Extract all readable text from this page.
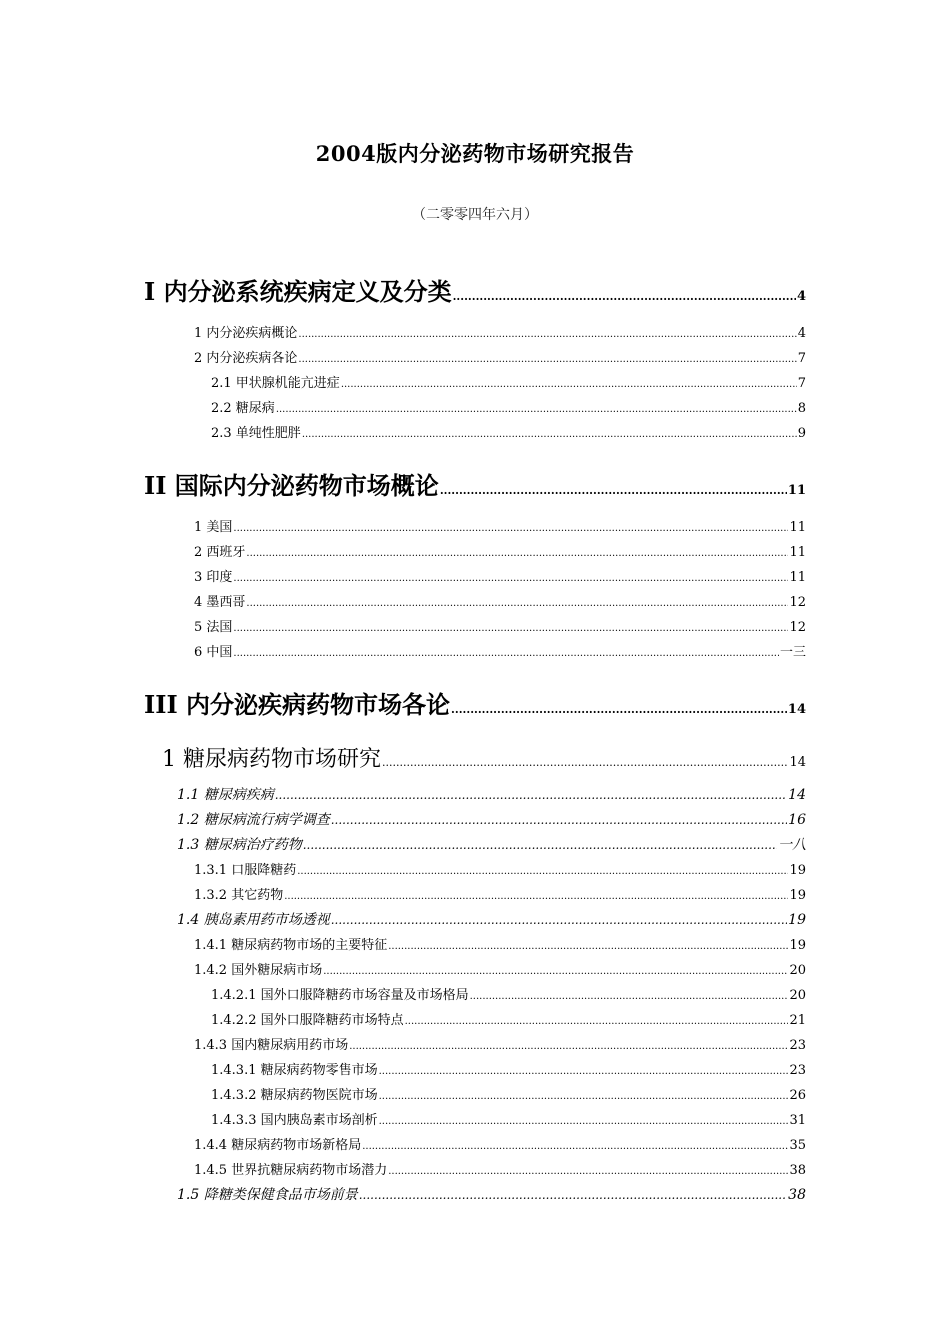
2004版内分泌药物市场研究报告
（二零零四年六月）
I 内分泌系统疾病定义及分类 .....	4
1 内分泌疾病概论 .....	4
2 内分泌疾病各论 .....	7
2.1 甲状腺机能亢进症 .....	7
2.2 糖尿病 .....	8
2.3 单纯性肥胖 .....	9
II 国际内分泌药物市场概论 .....	11
1 美国 .....	11
2 西班牙 .....	11
3 印度 .....	11
4 墨西哥 .....	12
5 法国 .....	12
6 中国 .....	一三
III 内分泌疾病药物市场各论 .....	14
1 糖尿病药物市场研究 .....	14
1.1 糖尿病疾病 .....	14
1.2 糖尿病流行病学调查 .....	16
1.3 糖尿病治疗药物 .....	一八
1.3.1 口服降糖药 .....	19
1.3.2 其它药物 .....	19
1.4 胰岛素用药市场透视 .....	19
1.4.1 糖尿病药物市场的主要特征 .....	19
1.4.2 国外糖尿病市场 .....	20
1.4.2.1 国外口服降糖药市场容量及市场格局 .....	20
1.4.2.2 国外口服降糖药市场特点 .....	21
1.4.3 国内糖尿病用药市场 .....	23
1.4.3.1 糖尿病药物零售市场 .....	23
1.4.3.2 糖尿病药物医院市场 .....	26
1.4.3.3 国内胰岛素市场剖析 .....	31
1.4.4 糖尿病药物市场新格局 .....	35
1.4.5 世界抗糖尿病药物市场潜力 .....	38
1.5 降糖类保健食品市场前景 .....	38
